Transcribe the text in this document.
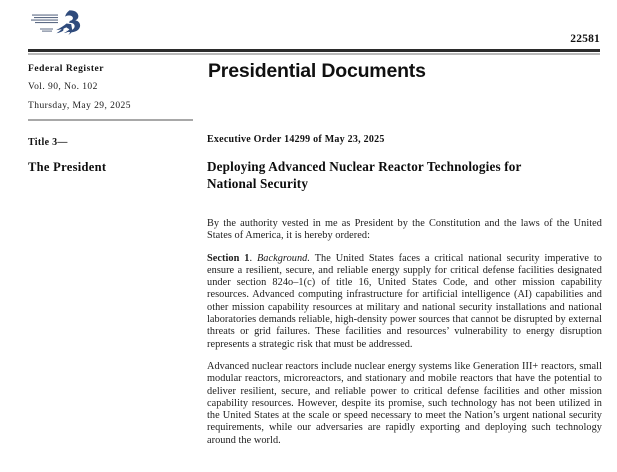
22581
Federal Register
Vol. 90, No. 102
Thursday, May 29, 2025
Presidential Documents
Title 3—
The President
Executive Order 14299 of May 23, 2025
Deploying Advanced Nuclear Reactor Technologies for
National Security

By the authority vested in me as President by the Constitution and the laws of the United States of America, it is hereby ordered:

Section 1. Background. The United States faces a critical national security imperative to ensure a resilient, secure, and reliable energy supply for critical defense facilities designated under section 824o–1(c) of title 16, United States Code, and other mission capability resources. Advanced computing infrastructure for artificial intelligence (AI) capabilities and other mission capability resources at military and national security installations and national laboratories demands reliable, high-density power sources that cannot be disrupted by external threats or grid failures. These facilities and resources’ vulnerability to energy disruption represents a strategic risk that must be addressed.

Advanced nuclear reactors include nuclear energy systems like Generation III+ reactors, small modular reactors, microreactors, and stationary and mobile reactors that have the potential to deliver resilient, secure, and reliable power to critical defense facilities and other mission capability resources. However, despite its promise, such technology has not been utilized in the United States at the scale or speed necessary to meet the Nation’s urgent national security requirements, while our adversaries are rapidly exporting and deploying such technology around the world.
